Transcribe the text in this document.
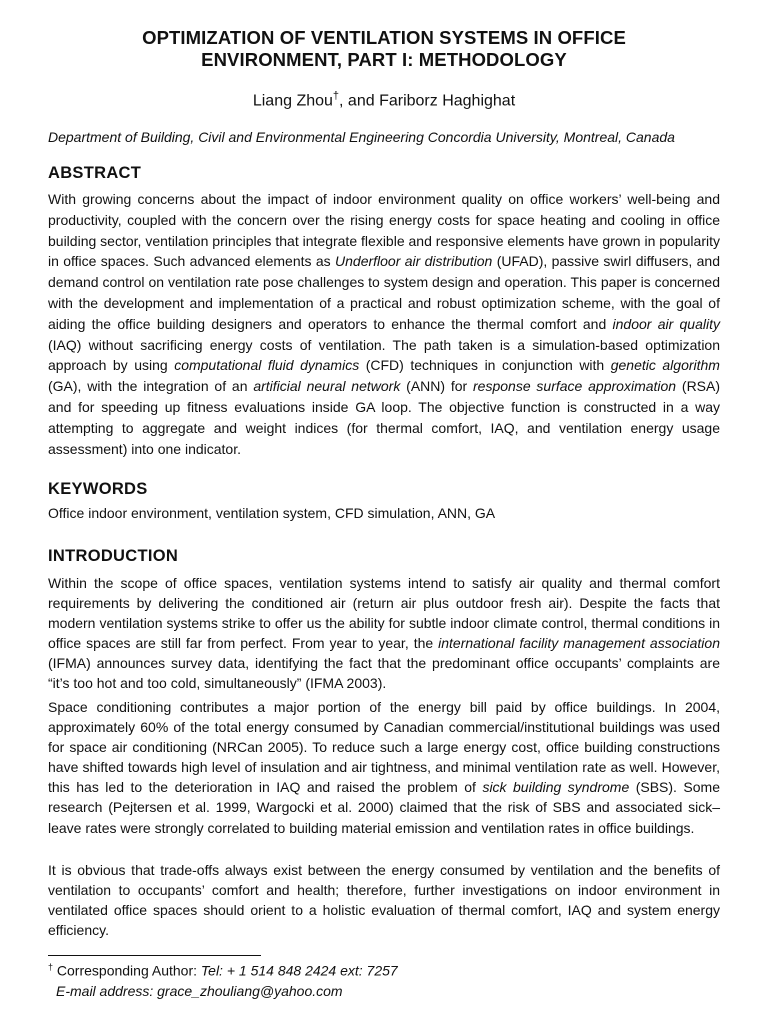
OPTIMIZATION OF VENTILATION SYSTEMS IN OFFICE
ENVIRONMENT, PART I: METHODOLOGY
Liang Zhou†, and Fariborz Haghighat
Department of Building, Civil and Environmental Engineering Concordia University, Montreal, Canada
ABSTRACT
With growing concerns about the impact of indoor environment quality on office workers’ well-being and productivity, coupled with the concern over the rising energy costs for space heating and cooling in office building sector, ventilation principles that integrate flexible and responsive elements have grown in popularity in office spaces. Such advanced elements as Underfloor air distribution (UFAD), passive swirl diffusers, and demand control on ventilation rate pose challenges to system design and operation. This paper is concerned with the development and implementation of a practical and robust optimization scheme, with the goal of aiding the office building designers and operators to enhance the thermal comfort and indoor air quality (IAQ) without sacrificing energy costs of ventilation. The path taken is a simulation-based optimization approach by using computational fluid dynamics (CFD) techniques in conjunction with genetic algorithm (GA), with the integration of an artificial neural network (ANN) for response surface approximation (RSA) and for speeding up fitness evaluations inside GA loop. The objective function is constructed in a way attempting to aggregate and weight indices (for thermal comfort, IAQ, and ventilation energy usage assessment) into one indicator.
KEYWORDS
Office indoor environment, ventilation system, CFD simulation, ANN, GA
INTRODUCTION
Within the scope of office spaces, ventilation systems intend to satisfy air quality and thermal comfort requirements by delivering the conditioned air (return air plus outdoor fresh air). Despite the facts that modern ventilation systems strike to offer us the ability for subtle indoor climate control, thermal conditions in office spaces are still far from perfect. From year to year, the international facility management association (IFMA) announces survey data, identifying the fact that the predominant office occupants’ complaints are “it’s too hot and too cold, simultaneously” (IFMA 2003).
Space conditioning contributes a major portion of the energy bill paid by office buildings. In 2004, approximately 60% of the total energy consumed by Canadian commercial/institutional buildings was used for space air conditioning (NRCan 2005). To reduce such a large energy cost, office building constructions have shifted towards high level of insulation and air tightness, and minimal ventilation rate as well. However, this has led to the deterioration in IAQ and raised the problem of sick building syndrome (SBS). Some research (Pejtersen et al. 1999, Wargocki et al. 2000) claimed that the risk of SBS and associated sick–leave rates were strongly correlated to building material emission and ventilation rates in office buildings.
It is obvious that trade-offs always exist between the energy consumed by ventilation and the benefits of ventilation to occupants’ comfort and health; therefore, further investigations on indoor environment in ventilated office spaces should orient to a holistic evaluation of thermal comfort, IAQ and system energy efficiency.
† Corresponding Author: Tel: + 1 514 848 2424 ext: 7257
E-mail address: grace_zhouliang@yahoo.com
